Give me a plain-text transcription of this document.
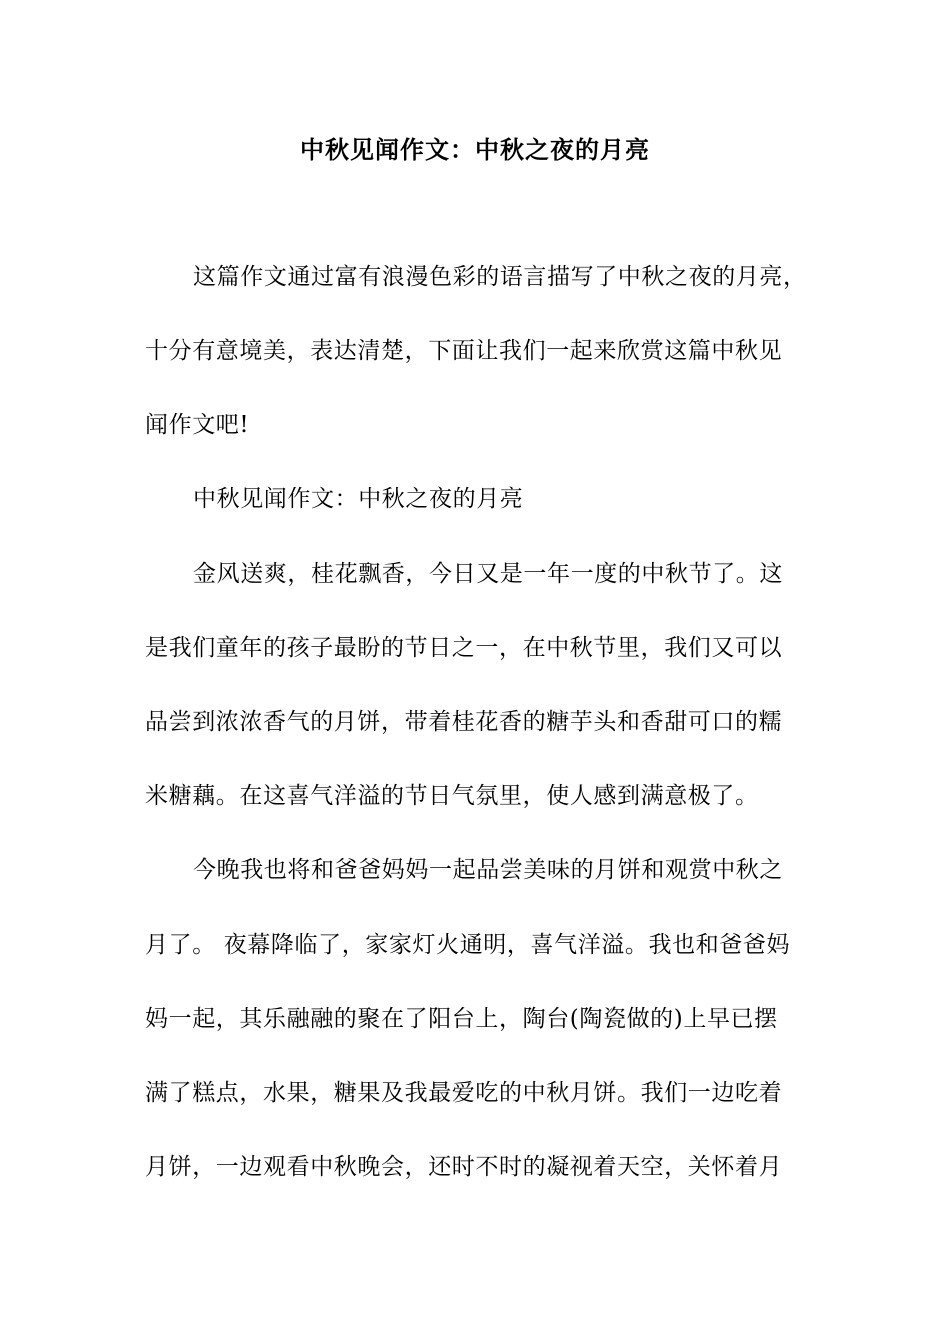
中秋见闻作文：中秋之夜的月亮
这篇作文通过富有浪漫色彩的语言描写了中秋之夜的月亮，
十分有意境美，表达清楚，下面让我们一起来欣赏这篇中秋见
闻作文吧!
中秋见闻作文：中秋之夜的月亮
金风送爽，桂花飘香，今日又是一年一度的中秋节了。这
是我们童年的孩子最盼的节日之一，在中秋节里，我们又可以
品尝到浓浓香气的月饼，带着桂花香的糖芋头和香甜可口的糯
米糖藕。在这喜气洋溢的节日气氛里，使人感到满意极了。
今晚我也将和爸爸妈妈一起品尝美味的月饼和观赏中秋之
月了。 夜幕降临了，家家灯火通明，喜气洋溢。我也和爸爸妈
妈一起，其乐融融的聚在了阳台上，陶台(陶瓷做的)上早已摆
满了糕点，水果，糖果及我最爱吃的中秋月饼。我们一边吃着
月饼，一边观看中秋晚会，还时不时的凝视着天空，关怀着月
